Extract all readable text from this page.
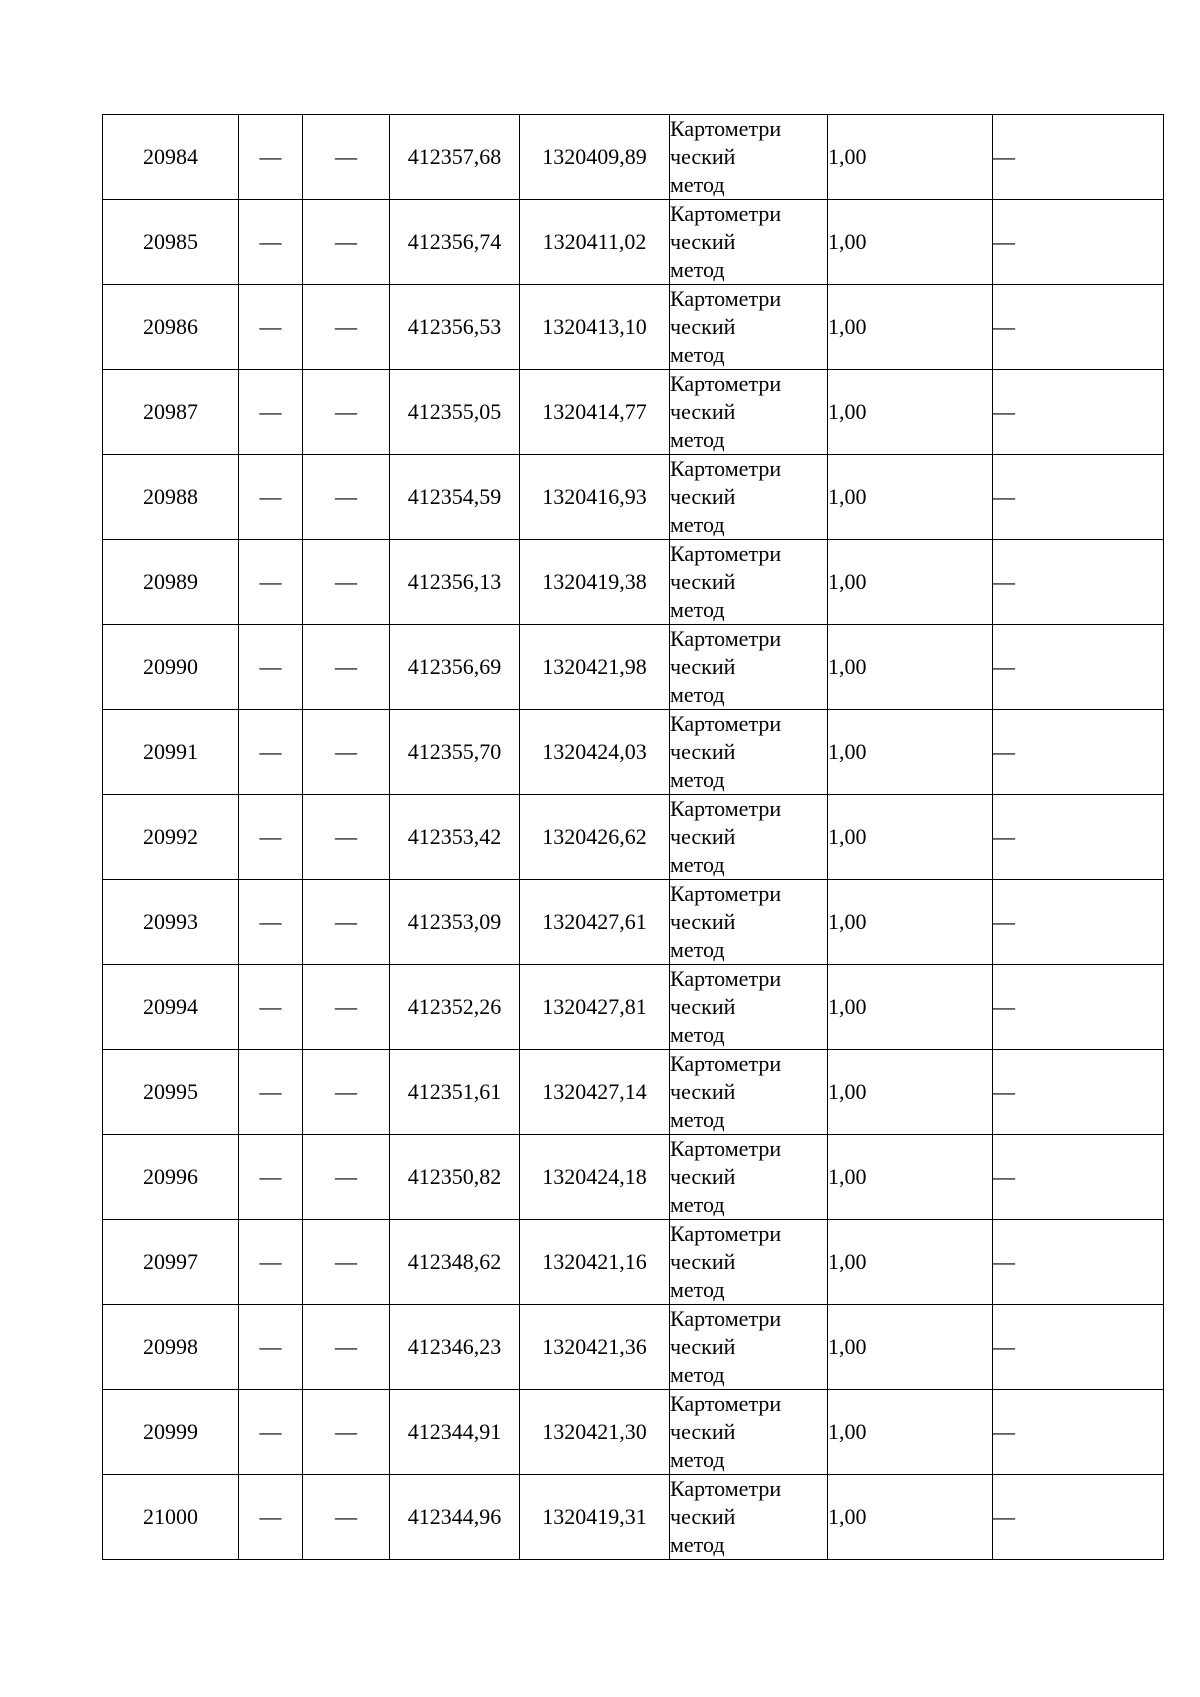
20984	—	—	412357,68	1320409,89	Картометри
ческий
метод	1,00	—
20985	—	—	412356,74	1320411,02	Картометри
ческий
метод	1,00	—
20986	—	—	412356,53	1320413,10	Картометри
ческий
метод	1,00	—
20987	—	—	412355,05	1320414,77	Картометри
ческий
метод	1,00	—
20988	—	—	412354,59	1320416,93	Картометри
ческий
метод	1,00	—
20989	—	—	412356,13	1320419,38	Картометри
ческий
метод	1,00	—
20990	—	—	412356,69	1320421,98	Картометри
ческий
метод	1,00	—
20991	—	—	412355,70	1320424,03	Картометри
ческий
метод	1,00	—
20992	—	—	412353,42	1320426,62	Картометри
ческий
метод	1,00	—
20993	—	—	412353,09	1320427,61	Картометри
ческий
метод	1,00	—
20994	—	—	412352,26	1320427,81	Картометри
ческий
метод	1,00	—
20995	—	—	412351,61	1320427,14	Картометри
ческий
метод	1,00	—
20996	—	—	412350,82	1320424,18	Картометри
ческий
метод	1,00	—
20997	—	—	412348,62	1320421,16	Картометри
ческий
метод	1,00	—
20998	—	—	412346,23	1320421,36	Картометри
ческий
метод	1,00	—
20999	—	—	412344,91	1320421,30	Картометри
ческий
метод	1,00	—
21000	—	—	412344,96	1320419,31	Картометри
ческий
метод	1,00	—
